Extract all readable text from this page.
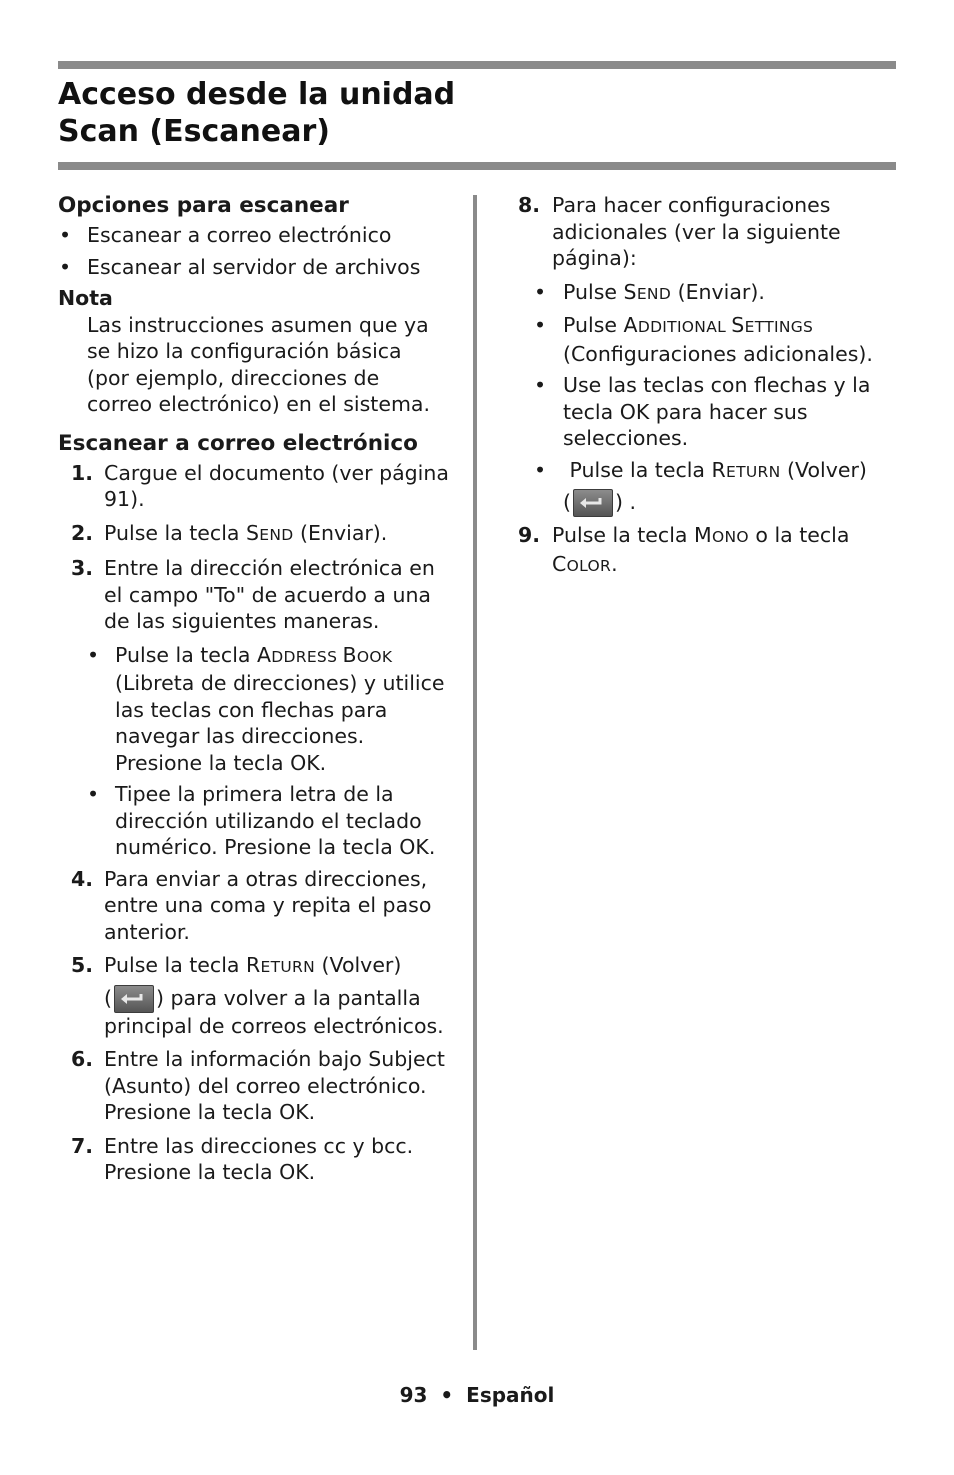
Acceso desde la unidad
Scan (Escanear)
Opciones para escanear
• Escanear a correo electrónico
• Escanear al servidor de archivos
Nota
Las instrucciones asumen que ya se hizo la configuración básica (por ejemplo, direcciones de correo electrónico) en el sistema.
Escanear a correo electrónico
1. Cargue el documento (ver página 91).
2. Pulse la tecla SEND (Enviar).
3. Entre la dirección electrónica en el campo "To" de acuerdo a una de las siguientes maneras.
• Pulse la tecla ADDRESS BOOK (Libreta de direcciones) y utilice las teclas con flechas para navegar las direcciones. Presione la tecla OK.
• Tipee la primera letra de la dirección utilizando el teclado numérico. Presione la tecla OK.
4. Para enviar a otras direcciones, entre una coma y repita el paso anterior.
5. Pulse la tecla RETURN (Volver)
( ) para volver a la pantalla principal de correos electrónicos.
6. Entre la información bajo Subject (Asunto) del correo electrónico. Presione la tecla OK.
7. Entre las direcciones cc y bcc. Presione la tecla OK.
8. Para hacer configuraciones adicionales (ver la siguiente página):
• Pulse SEND (Enviar).
• Pulse ADDITIONAL SETTINGS (Configuraciones adicionales).
• Use las teclas con flechas y la tecla OK para hacer sus selecciones.
•  Pulse la tecla RETURN (Volver)
( ) .
9. Pulse la tecla MONO o la tecla COLOR.
93 • Español
